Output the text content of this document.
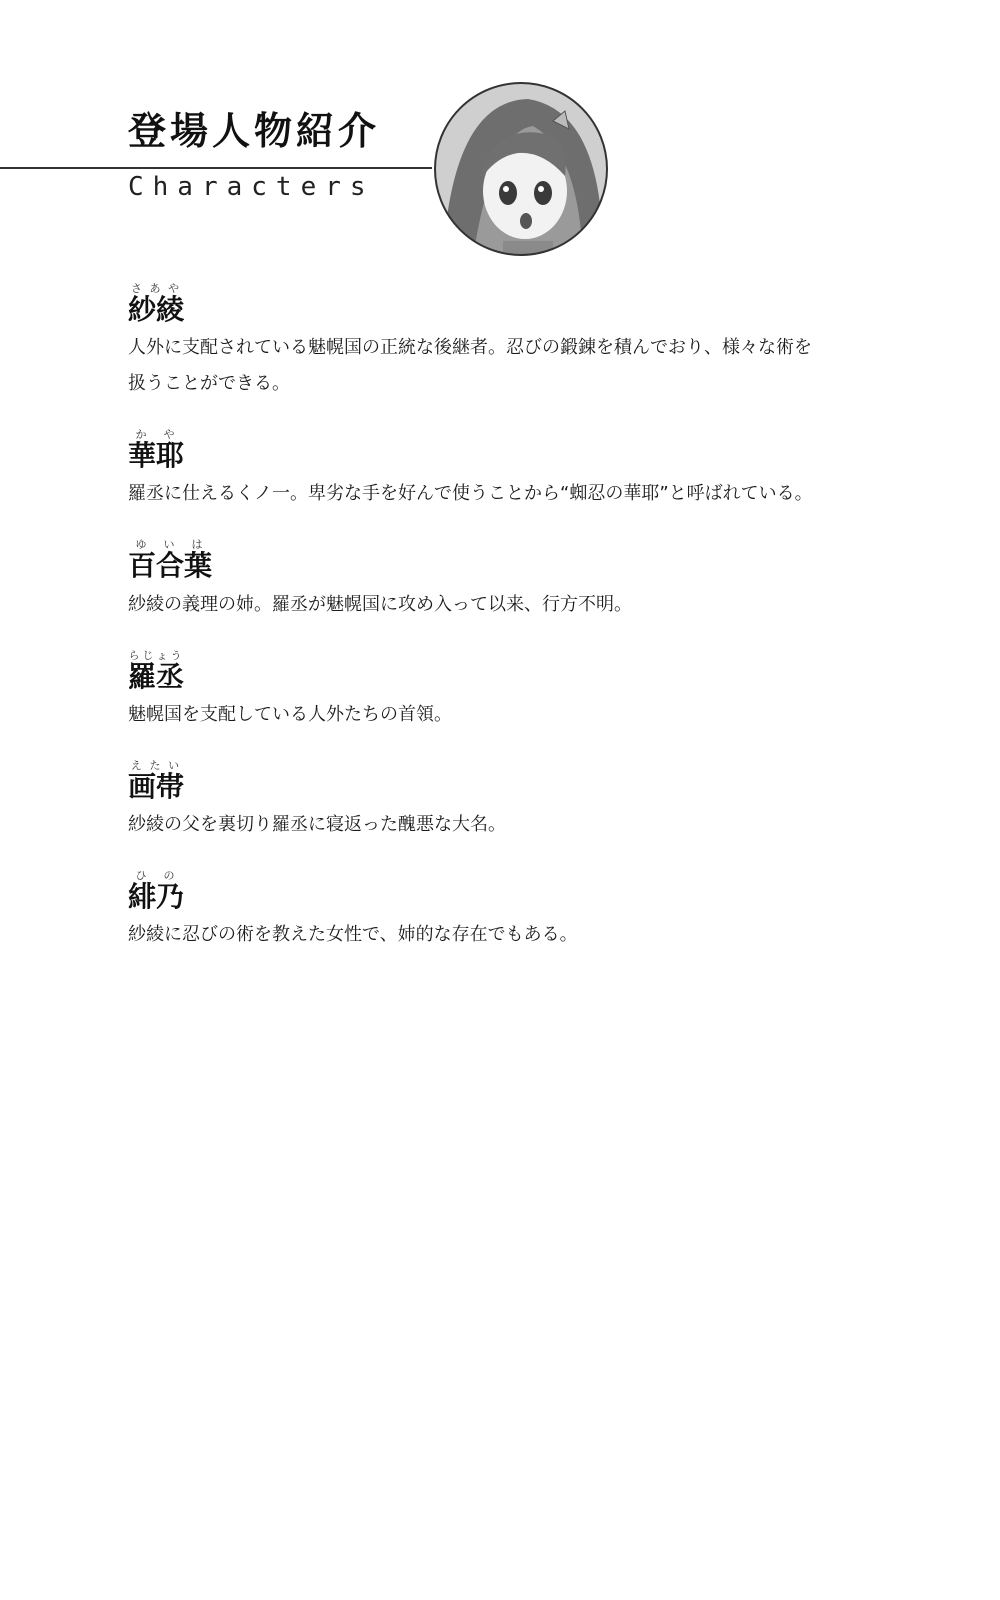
登場人物紹介
Characters
紗綾さあや

人外に支配されている魅幌国の正統な後継者。忍びの鍛錬を積んでおり、様々な術を扱うことができる。

華耶かや

羅丞に仕えるくノ一。卑劣な手を好んで使うことから“蜘忍の華耶”と呼ばれている。

百合葉ゆいは

紗綾の義理の姉。羅丞が魅幌国に攻め入って以来、行方不明。

羅丞らじょう

魅幌国を支配している人外たちの首領。

画帯えたい

紗綾の父を裏切り羅丞に寝返った醜悪な大名。

緋乃ひの

紗綾に忍びの術を教えた女性で、姉的な存在でもある。
